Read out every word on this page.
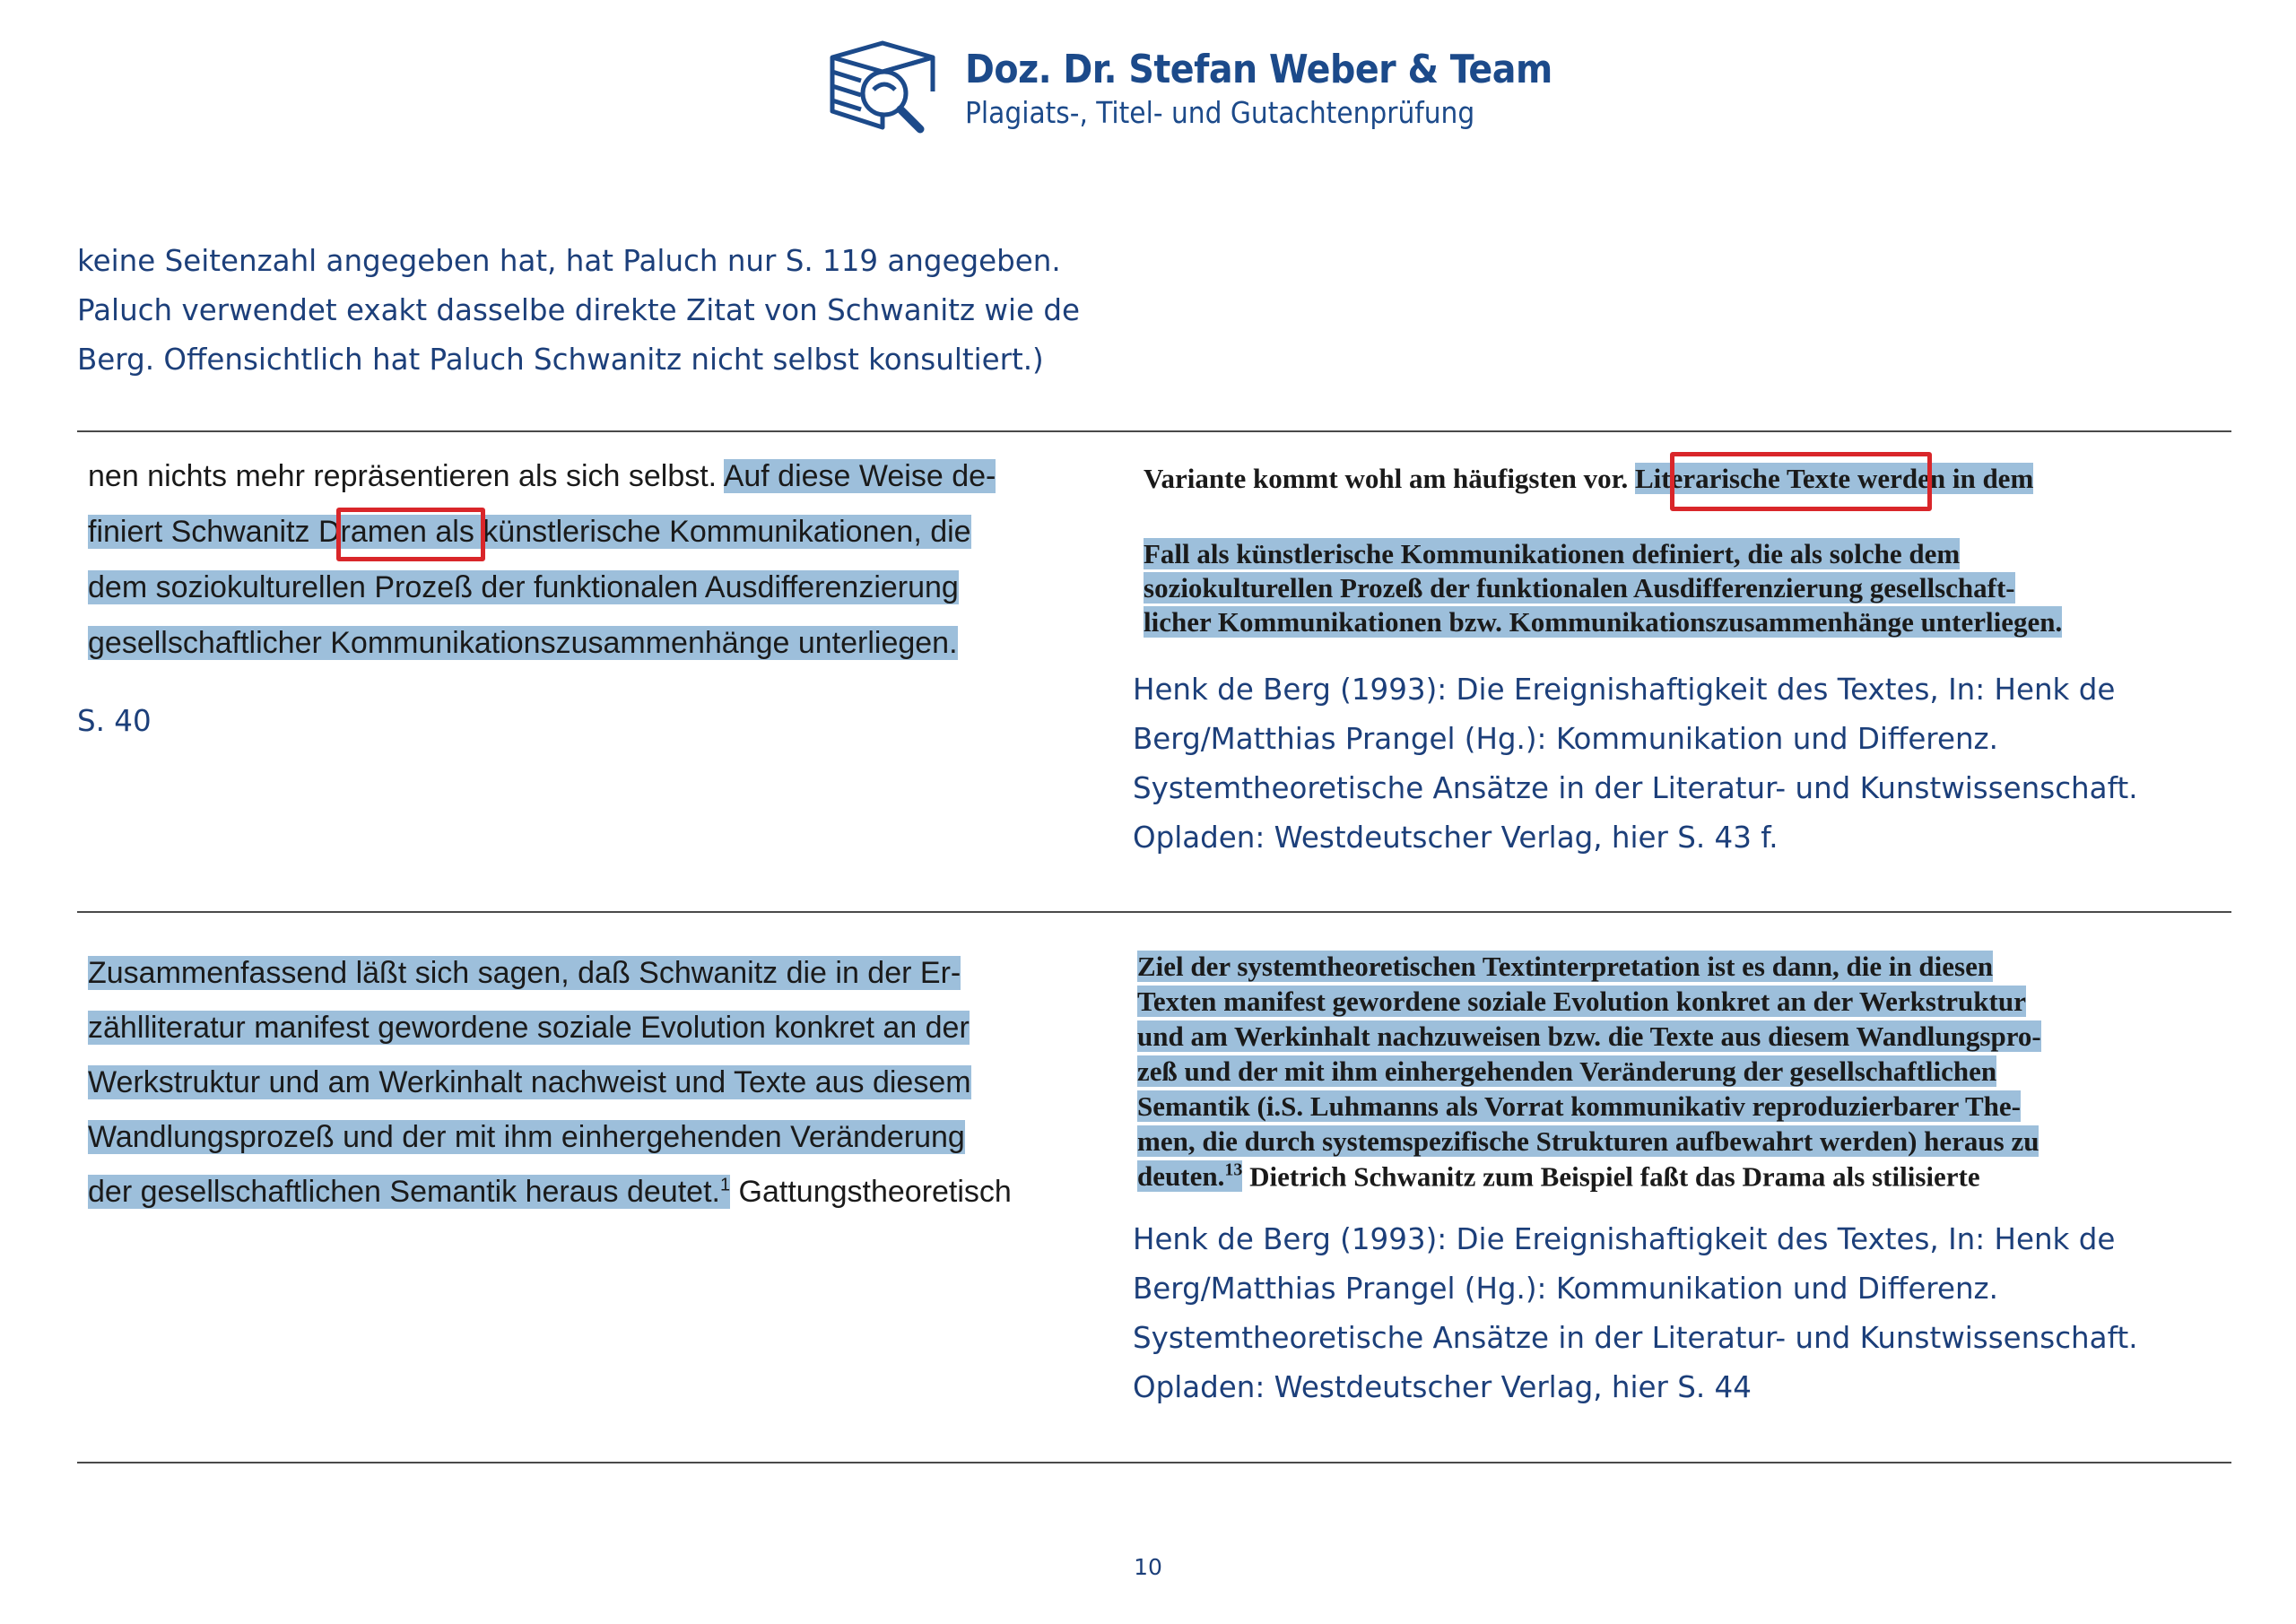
Doz. Dr. Stefan Weber & Team
Plagiats-, Titel- und Gutachtenprüfung

keine Seitenzahl angegeben hat, hat Paluch nur S. 119 angegeben.

Paluch verwendet exakt dasselbe direkte Zitat von Schwanitz wie de

Berg. Offensichtlich hat Paluch Schwanitz nicht selbst konsultiert.)

nen nichts mehr repräsentieren als sich selbst. Auf diese Weise de-
finiert Schwanitz Dramen als künstlerische Kommunikationen, die
dem soziokulturellen Prozeß der funktionalen Ausdifferenzierung
gesellschaftlicher Kommunikationszusammenhänge unterliegen.
S. 40
Variante kommt wohl am häufigsten vor. Literarische Texte werden in dem
Fall als künstlerische Kommunikationen definiert, die als solche dem
soziokulturellen Prozeß der funktionalen Ausdifferenzierung gesellschaft-
licher Kommunikationen bzw. Kommunikationszusammenhänge unterliegen.

Henk de Berg (1993): Die Ereignishaftigkeit des Textes, In: Henk de

Berg/Matthias Prangel (Hg.): Kommunikation und Differenz.

Systemtheoretische Ansätze in der Literatur- und Kunstwissenschaft.

Opladen: Westdeutscher Verlag, hier S. 43 f.

Zusammenfassend läßt sich sagen, daß Schwanitz die in der Er-
zählliteratur manifest gewordene soziale Evolution konkret an der
Werkstruktur und am Werkinhalt nachweist und Texte aus diesem
Wandlungsprozeß und der mit ihm einhergehenden Veränderung
der gesellschaftlichen Semantik heraus deutet.$^1$ Gattungstheoretisch
Ziel der systemtheoretischen Textinterpretation ist es dann, die in diesen
Texten manifest gewordene soziale Evolution konkret an der Werkstruktur
und am Werkinhalt nachzuweisen bzw. die Texte aus diesem Wandlungspro-
zeß und der mit ihm einhergehenden Veränderung der gesellschaftlichen
Semantik (i.S. Luhmanns als Vorrat kommunikativ reproduzierbarer The-
men, die durch systemspezifische Strukturen aufbewahrt werden) heraus zu
deuten.$^{13}$ Dietrich Schwanitz zum Beispiel faßt das Drama als stilisierte

Henk de Berg (1993): Die Ereignishaftigkeit des Textes, In: Henk de

Berg/Matthias Prangel (Hg.): Kommunikation und Differenz.

Systemtheoretische Ansätze in der Literatur- und Kunstwissenschaft.

Opladen: Westdeutscher Verlag, hier S. 44

10
